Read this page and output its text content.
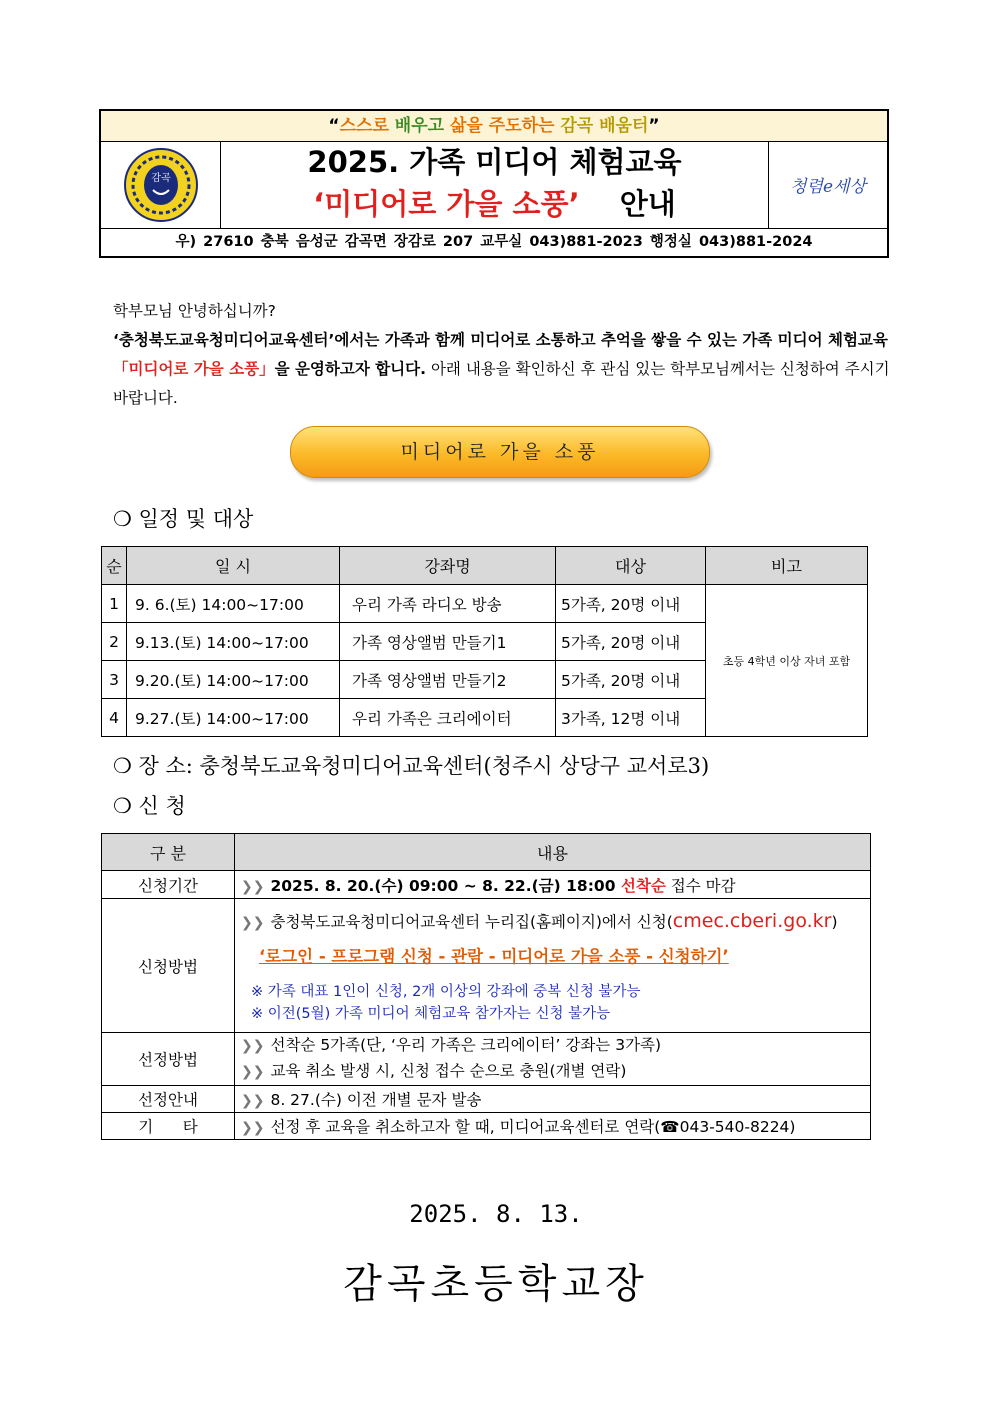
“스스로 배우고 삶을 주도하는 감곡 배움터”
감곡	2025. 가족 미디어 체험교육
‘미디어로 가을 소풍’ 안내	청렴e세상
우) 27610 충북 음성군 감곡면 장감로 207 교무실 043)881-2023 행정실 043)881-2024
학부모님 안녕하십니까?
‘충청북도교육청미디어교육센터’에서는 가족과 함께 미디어로 소통하고 추억을 쌓을 수 있는 가족 미디어 체험교육 「미디어로 가을 소풍」을 운영하고자 합니다. 아래 내용을 확인하신 후 관심 있는 학부모님께서는 신청하여 주시기 바랍니다.
미디어로 가을 소풍
❍ 일정 및 대상
순	일 시	강좌명	대상	비고
1	9. 6.(토) 14:00~17:00	우리 가족 라디오 방송	5가족, 20명 이내	초등 4학년 이상 자녀 포함
2	9.13.(토) 14:00~17:00	가족 영상앨범 만들기1	5가족, 20명 이내	
3	9.20.(토) 14:00~17:00	가족 영상앨범 만들기2	5가족, 20명 이내	
4	9.27.(토) 14:00~17:00	우리 가족은 크리에이터	3가족, 12명 이내	
❍ 장 소: 충청북도교육청미디어교육센터(청주시 상당구 교서로3)
❍ 신 청
구 분	내용
신청기간	❯❯ 2025. 8. 20.(수) 09:00 ~ 8. 22.(금) 18:00 선착순 접수 마감
신청방법	❯❯ 충청북도교육청미디어교육센터 누리집(홈페이지)에서 신청(cmec.cberi.go.kr)
‘로그인 - 프로그램 신청 - 관람 - 미디어로 가을 소풍 - 신청하기’
※ 가족 대표 1인이 신청, 2개 이상의 강좌에 중복 신청 불가능
※ 이전(5월) 가족 미디어 체험교육 참가자는 신청 불가능

선정방법	❯❯ 선착순 5가족(단, ‘우리 가족은 크리에이터’ 강좌는 3가족)
❯❯ 교육 취소 발생 시, 신청 접수 순으로 충원(개별 연락)

선정안내	❯❯ 8. 27.(수) 이전 개별 문자 발송
기      타	❯❯ 선정 후 교육을 취소하고자 할 때, 미디어교육센터로 연락(☎043-540-8224)
2025. 8. 13.
감곡초등학교장
